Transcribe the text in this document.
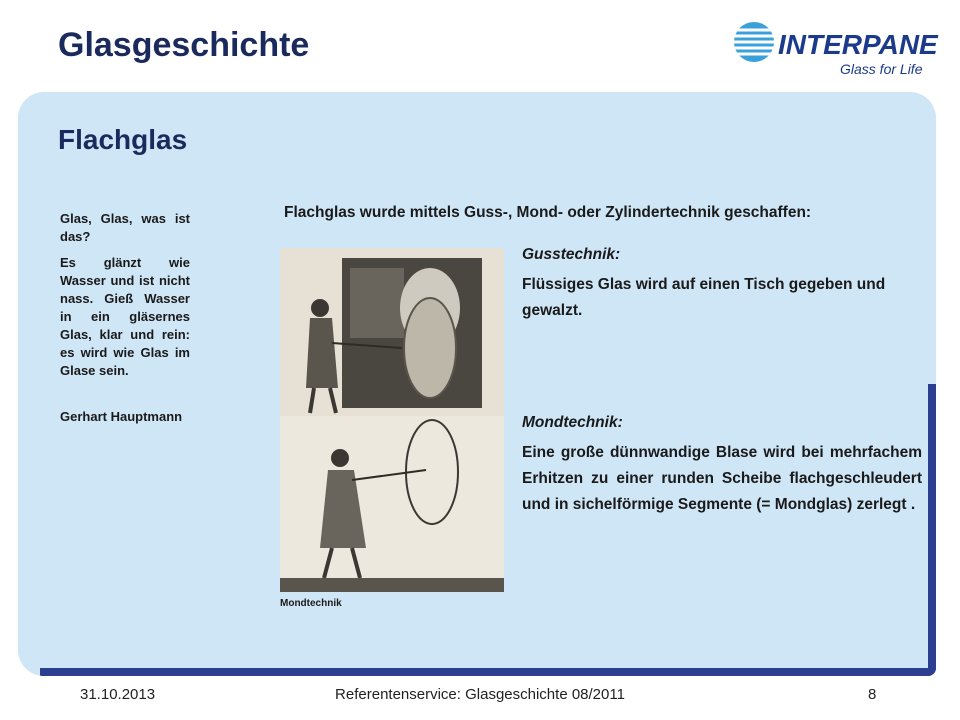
Glasgeschichte	INTERPANE
Glass for Life
Flachglas

Glas, Glas, was ist das?

Es glänzt wie Wasser und ist nicht nass. Gieß Wasser in ein gläsernes Glas, klar und rein: es wird wie Glas im Glase sein.

Gerhart Hauptmann

Flachglas wurde mittels Guss-, Mond- oder Zylindertechnik geschaffen:

Mondtechnik
Gusstechnik:

Flüssiges Glas wird auf einen Tisch gegeben und gewalzt.

Mondtechnik:

Eine große dünnwandige Blase wird bei mehrfachem Erhitzen zu einer runden Scheibe flachgeschleudert und in sichelförmige Segmente (= Mondglas) zerlegt .

31.10.2013	Referentenservice: Glasgeschichte 08/2011	8
